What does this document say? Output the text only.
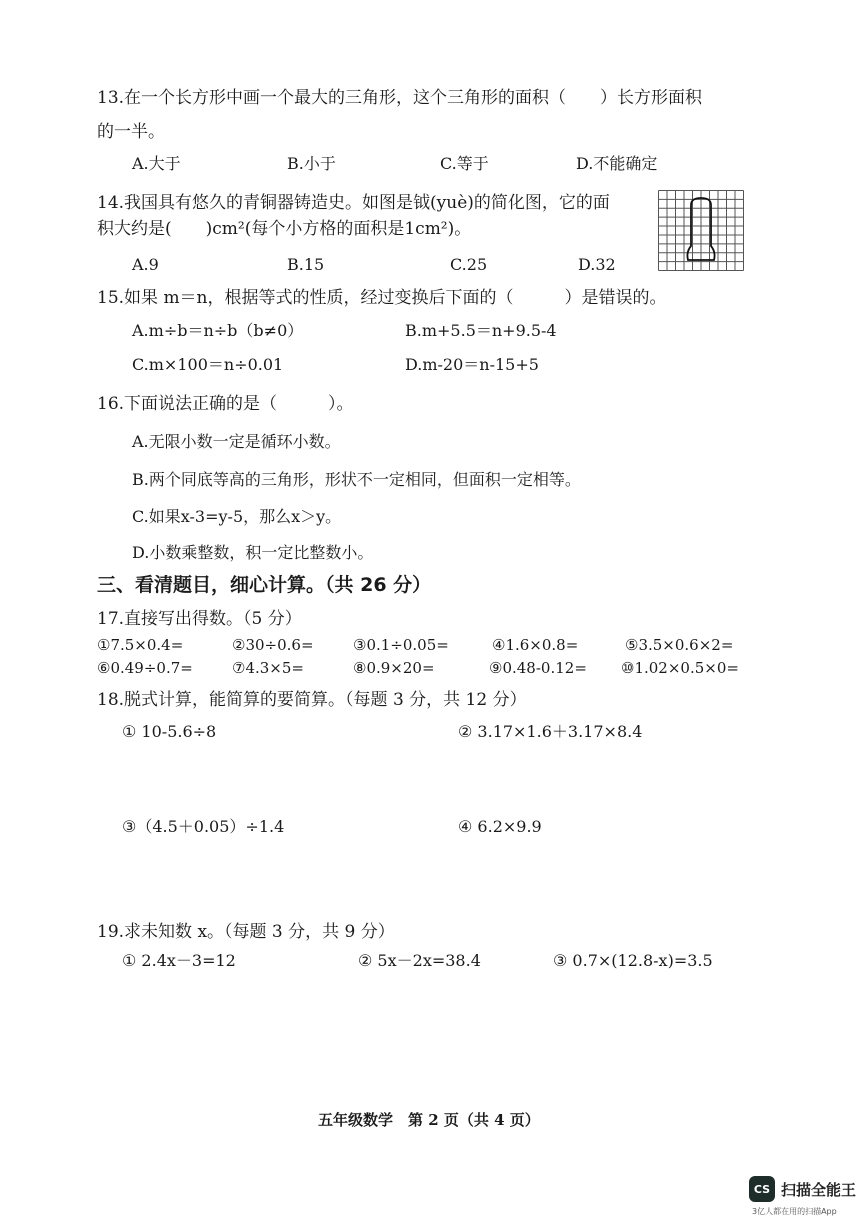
13.在一个长方形中画一个最大的三角形，这个三角形的面积（　　）长方形面积
的一半。
A.大于	B.小于	C.等于	D.不能确定
14.我国具有悠久的青铜器铸造史。如图是钺(yuè)的简化图，它的面
积大约是(　　)cm²(每个小方格的面积是1cm²)。
A.9	B.15	C.25	D.32
15.如果 m＝n，根据等式的性质，经过变换后下面的（　　　）是错误的。
A.m÷b＝n÷b（b≠0）	B.m+5.5＝n+9.5-4
C.m×100＝n÷0.01	D.m-20＝n-15+5
16.下面说法正确的是（　　　）。
A.无限小数一定是循环小数。
B.两个同底等高的三角形，形状不一定相同，但面积一定相等。
C.如果x-3=y-5，那么x＞y。
D.小数乘整数，积一定比整数小。
三、看清题目，细心计算。（共 26 分）
17.直接写出得数。（5 分）
①7.5×0.4=	②30÷0.6=	③0.1÷0.05=	④1.6×0.8=	⑤3.5×0.6×2=
⑥0.49÷0.7=	⑦4.3×5=	⑧0.9×20=	⑨0.48-0.12= ⑩1.02×0.5×0=
18.脱式计算，能简算的要简算。（每题 3 分，共 12 分）
① 10-5.6÷8	② 3.17×1.6＋3.17×8.4
③（4.5＋0.05）÷1.4	④ 6.2×9.9
19.求未知数 x。（每题 3 分，共 9 分）
① 2.4x－3=12	② 5x－2x=38.4	③ 0.7×(12.8-x)=3.5
五年级数学　第 2 页（共 4 页）
CS 扫描全能王
3亿人都在用的扫描App
